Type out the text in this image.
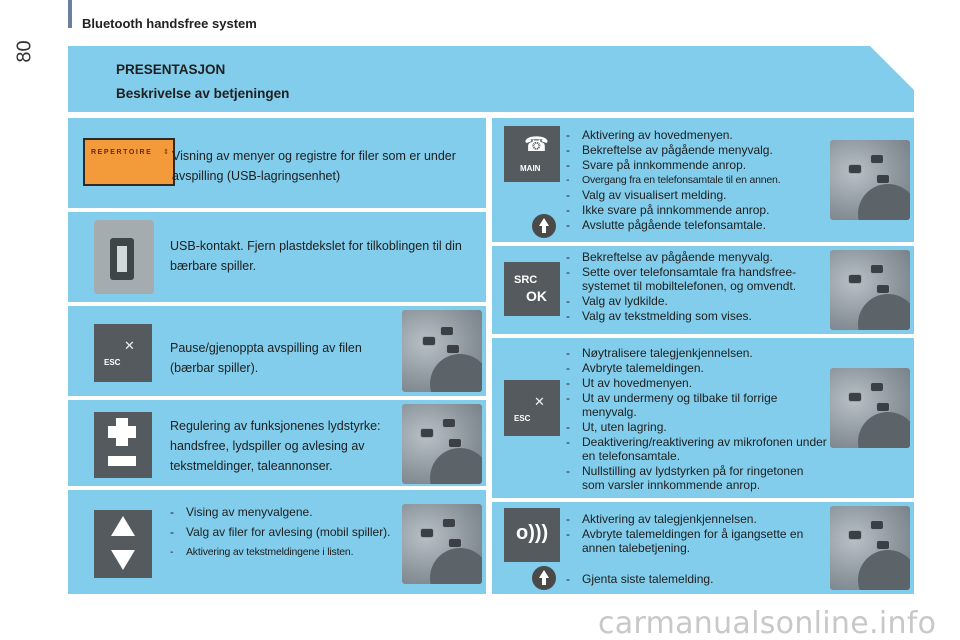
Bluetooth handsfree system
80
PRESENTASJON
Beskrivelse av betjeningen
REPERTOIRE ⇕ Visning av menyer og registre for filer som er under avspilling (USB-lagringsenhet)
USB-kontakt. Fjern plastdekslet for tilkoblingen til din bærbare spiller.
✕
ESC
Pause/gjenoppta avspilling av filen (bærbar spiller).
Regulering av funksjonenes lydstyrke: handsfree, lydspiller og avlesing av tekstmeldinger, taleannonser.
- Vising av menyvalgene.
- Valg av filer for avlesing (mobil spiller).
- Aktivering av tekstmeldingene i listen.
☎
MAIN
- Aktivering av hovedmenyen.
- Bekreftelse av pågående menyvalg.
- Svare på innkommende anrop.
- Overgang fra en telefonsamtale til en annen.
- Valg av visualisert melding.
- Ikke svare på innkommende anrop.
- Avslutte pågående telefonsamtale.
SRC
OK
- Bekreftelse av pågående menyvalg.
- Sette over telefonsamtale fra handsfree-systemet til mobiltelefonen, og omvendt.
- Valg av lydkilde.
- Valg av tekstmelding som vises.
✕
ESC
- Nøytralisere talegjenkjennelsen.
- Avbryte talemeldingen.
- Ut av hovedmenyen.
- Ut av undermeny og tilbake til forrige menyvalg.
- Ut, uten lagring.
- Deaktivering/reaktivering av mikrofonen under en telefonsamtale.
- Nullstilling av lydstyrken på for ringetonen som varsler innkommende anrop.
o)))
- Aktivering av talegjenkjennelsen.
- Avbryte talemeldingen for å igangsette en annen talebetjening.
- Gjenta siste talemelding.
carmanualsonline.info
